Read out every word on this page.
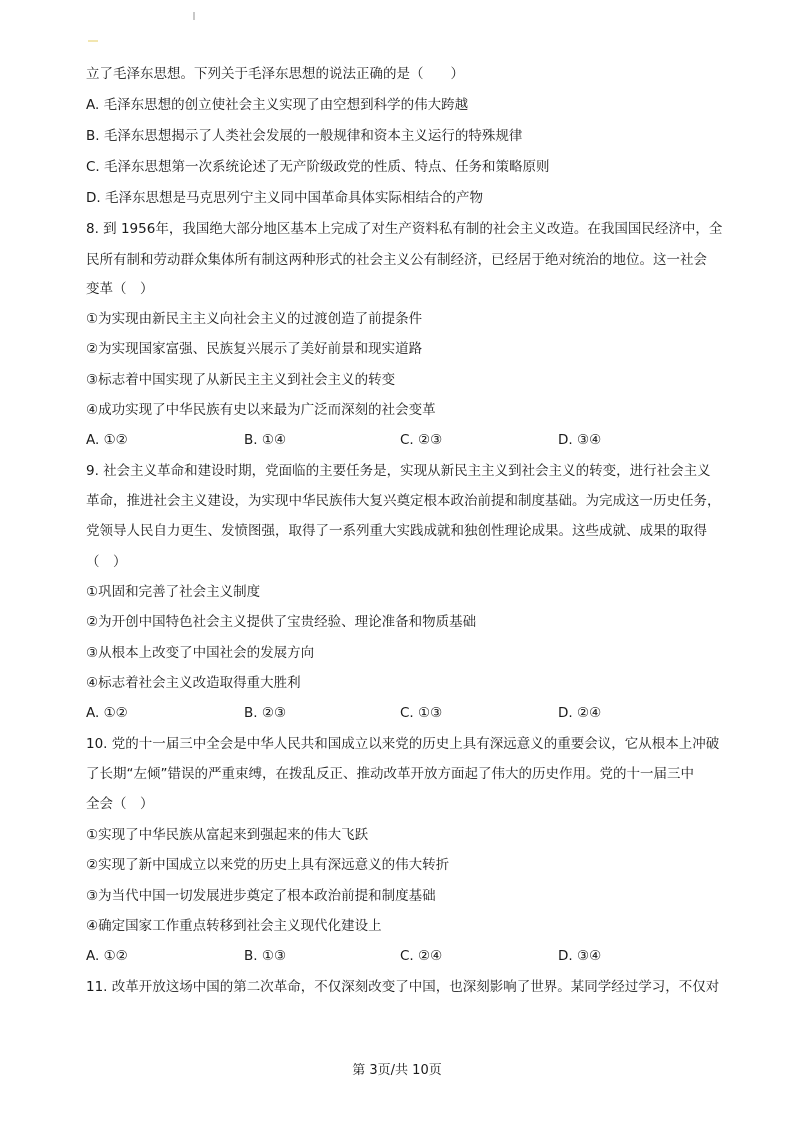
立了毛泽东思想。下列关于毛泽东思想的说法正确的是（　　）
A. 毛泽东思想的创立使社会主义实现了由空想到科学的伟大跨越
B. 毛泽东思想揭示了人类社会发展的一般规律和资本主义运行的特殊规律
C. 毛泽东思想第一次系统论述了无产阶级政党的性质、特点、任务和策略原则
D. 毛泽东思想是马克思列宁主义同中国革命具体实际相结合的产物
8. 到 1956年，我国绝大部分地区基本上完成了对生产资料私有制的社会主义改造。在我国国民经济中，全
民所有制和劳动群众集体所有制这两种形式的社会主义公有制经济，已经居于绝对统治的地位。这一社会
变革（　）
①为实现由新民主主义向社会主义的过渡创造了前提条件
②为实现国家富强、民族复兴展示了美好前景和现实道路
③标志着中国实现了从新民主主义到社会主义的转变
④成功实现了中华民族有史以来最为广泛而深刻的社会变革
A. ①②	B. ①④	C. ②③	D. ③④
9. 社会主义革命和建设时期，党面临的主要任务是，实现从新民主主义到社会主义的转变，进行社会主义
革命，推进社会主义建设，为实现中华民族伟大复兴奠定根本政治前提和制度基础。为完成这一历史任务，
党领导人民自力更生、发愤图强，取得了一系列重大实践成就和独创性理论成果。这些成就、成果的取得
（　）
①巩固和完善了社会主义制度
②为开创中国特色社会主义提供了宝贵经验、理论准备和物质基础
③从根本上改变了中国社会的发展方向
④标志着社会主义改造取得重大胜利
A. ①②	B. ②③	C. ①③	D. ②④
10. 党的十一届三中全会是中华人民共和国成立以来党的历史上具有深远意义的重要会议，它从根本上冲破
了长期“左倾”错误的严重束缚，在拨乱反正、推动改革开放方面起了伟大的历史作用。党的十一届三中
全会（　）
①实现了中华民族从富起来到强起来的伟大飞跃
②实现了新中国成立以来党的历史上具有深远意义的伟大转折
③为当代中国一切发展进步奠定了根本政治前提和制度基础
④确定国家工作重点转移到社会主义现代化建设上
A. ①②	B. ①③	C. ②④	D. ③④
11. 改革开放这场中国的第二次革命，不仅深刻改变了中国，也深刻影响了世界。某同学经过学习，不仅对
第 3页/共 10页
